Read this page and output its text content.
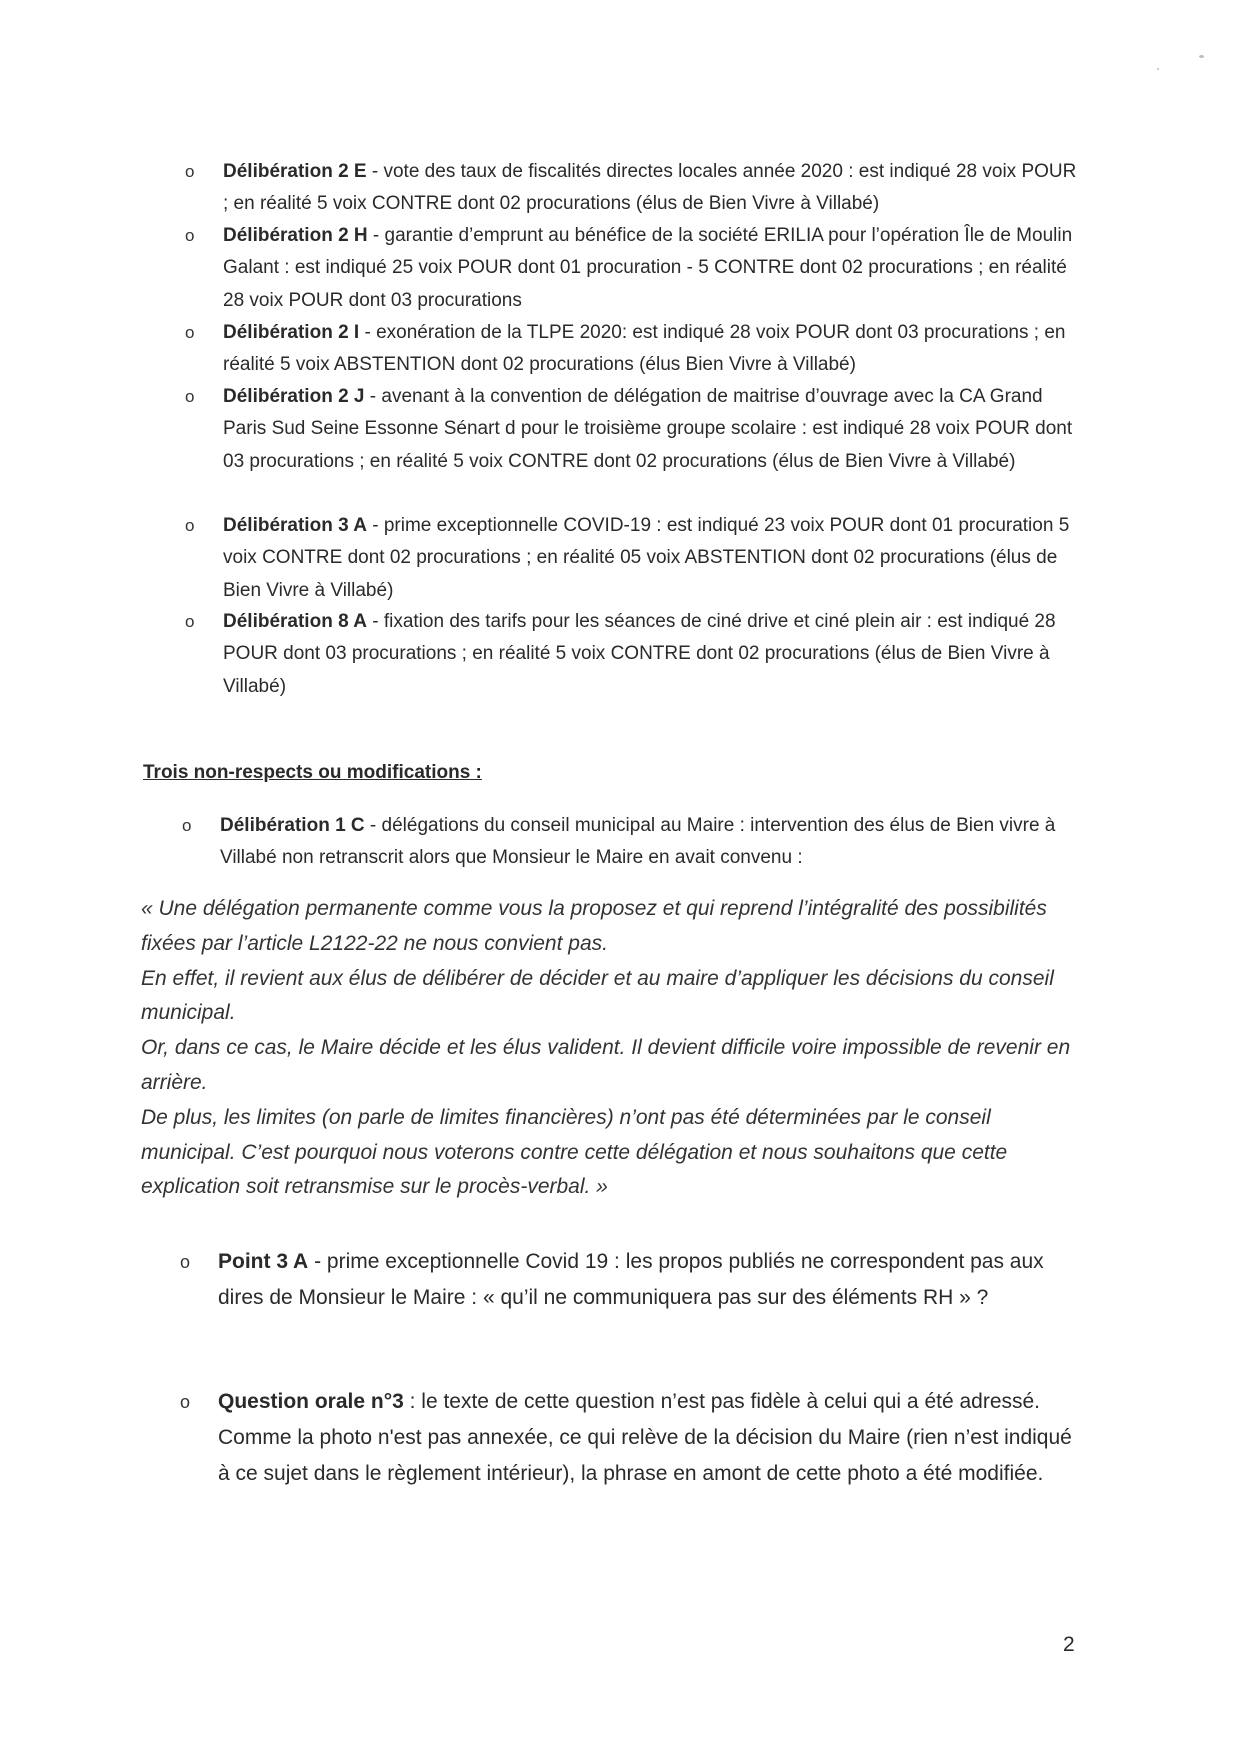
o	Délibération 2 E - vote des taux de fiscalités directes locales année 2020 : est indiqué 28 voix POUR ; en réalité 5 voix CONTRE dont 02 procurations (élus de Bien Vivre à Villabé)
o	Délibération 2 H - garantie d’emprunt au bénéfice de la société ERILIA pour l’opération Île de Moulin Galant : est indiqué 25 voix POUR dont 01 procuration - 5 CONTRE dont 02 procurations ; en réalité 28 voix POUR dont 03 procurations
o	Délibération 2 I - exonération de la TLPE 2020: est indiqué 28 voix POUR dont 03 procurations ; en réalité 5 voix ABSTENTION dont 02 procurations (élus Bien Vivre à Villabé)
o	Délibération 2 J - avenant à la convention de délégation de maitrise d’ouvrage avec la CA Grand Paris Sud Seine Essonne Sénart d pour le troisième groupe scolaire : est indiqué 28 voix POUR dont 03 procurations ; en réalité 5 voix CONTRE dont 02 procurations (élus de Bien Vivre à Villabé)
o	Délibération 3 A - prime exceptionnelle COVID-19 : est indiqué 23 voix POUR dont 01 procuration 5 voix CONTRE dont 02 procurations ; en réalité 05 voix ABSTENTION dont 02 procurations (élus de Bien Vivre à Villabé)
o	Délibération 8 A - fixation des tarifs pour les séances de ciné drive et ciné plein air : est indiqué 28 POUR dont 03 procurations ; en réalité 5 voix CONTRE dont 02 procurations (élus de Bien Vivre à Villabé)
Trois non-respects ou modifications :
o	Délibération 1 C - délégations du conseil municipal au Maire : intervention des élus de Bien vivre à Villabé non retranscrit alors que Monsieur le Maire en avait convenu :

« Une délégation permanente comme vous la proposez et qui reprend l’intégralité des possibilités fixées par l’article L2122-22 ne nous convient pas.

En effet, il revient aux élus de délibérer de décider et au maire d’appliquer les décisions du conseil municipal.

Or, dans ce cas, le Maire décide et les élus valident. Il devient difficile voire impossible de revenir en arrière.

De plus, les limites (on parle de limites financières) n’ont pas été déterminées par le conseil municipal. C’est pourquoi nous voterons contre cette délégation et nous souhaitons que cette explication soit retransmise sur le procès-verbal. »

o	Point 3 A - prime exceptionnelle Covid 19 : les propos publiés ne correspondent pas aux dires de Monsieur le Maire : « qu’il ne communiquera pas sur des éléments RH » ?
o	Question orale n°3 : le texte de cette question n’est pas fidèle à celui qui a été adressé. Comme la photo n'est pas annexée, ce qui relève de la décision du Maire (rien n’est indiqué à ce sujet dans le règlement intérieur), la phrase en amont de cette photo a été modifiée.
2
